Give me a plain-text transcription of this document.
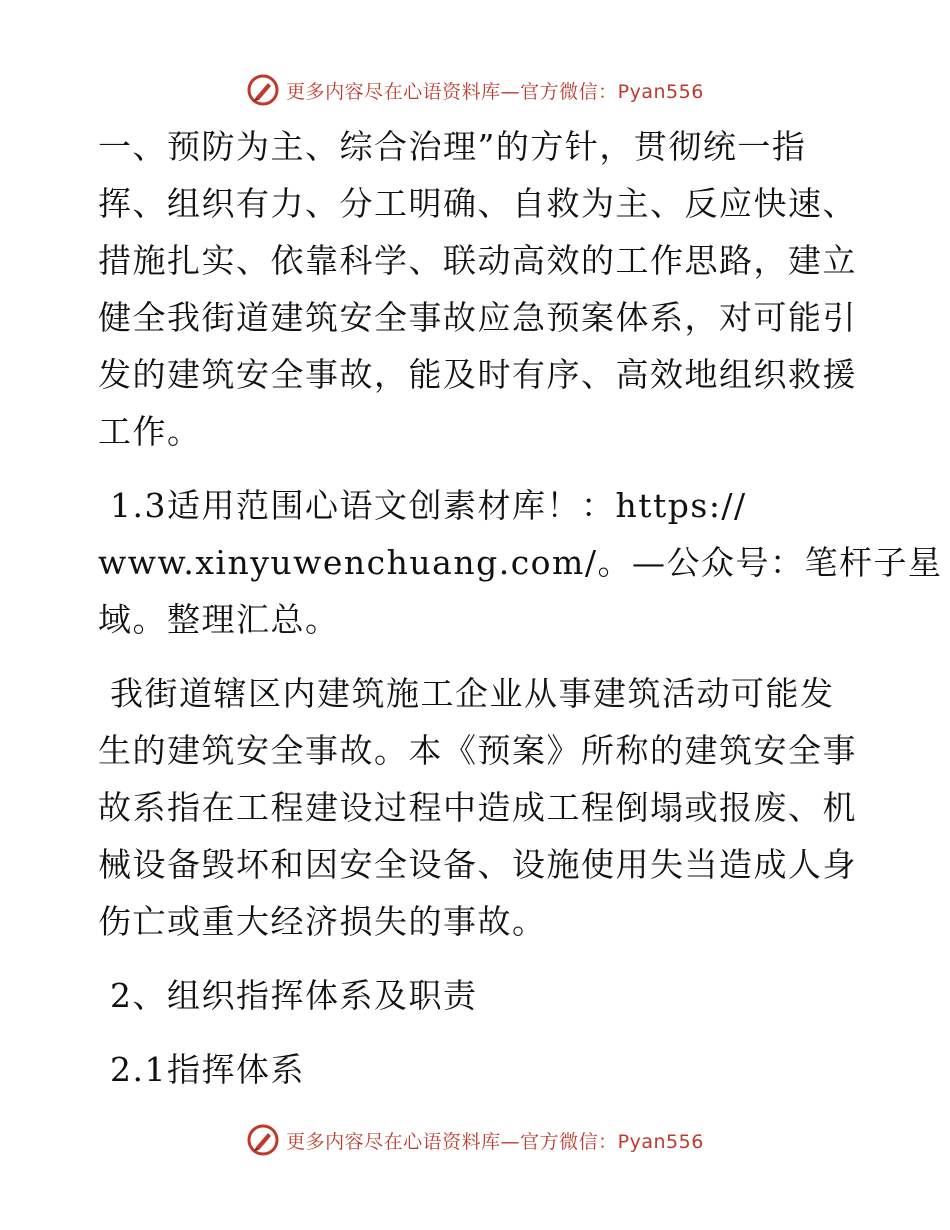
更多内容尽在心语资料库—官方微信：Pyan556

一、预防为主、综合治理”的方针，贯彻统一指
挥、组织有力、分工明确、自救为主、反应快速、
措施扎实、依靠科学、联动高效的工作思路，建立
健全我街道建筑安全事故应急预案体系，对可能引
发的建筑安全事故，能及时有序、高效地组织救援
工作。

1.3适用范围心语文创素材库！：https://
www.xinyuwenchuang.com/。—公众号：笔杆子星
域。整理汇总。

我街道辖区内建筑施工企业从事建筑活动可能发
生的建筑安全事故。本《预案》所称的建筑安全事
故系指在工程建设过程中造成工程倒塌或报废、机
械设备毁坏和因安全设备、设施使用失当造成人身
伤亡或重大经济损失的事故。

2、组织指挥体系及职责

2.1指挥体系

更多内容尽在心语资料库—官方微信：Pyan556
